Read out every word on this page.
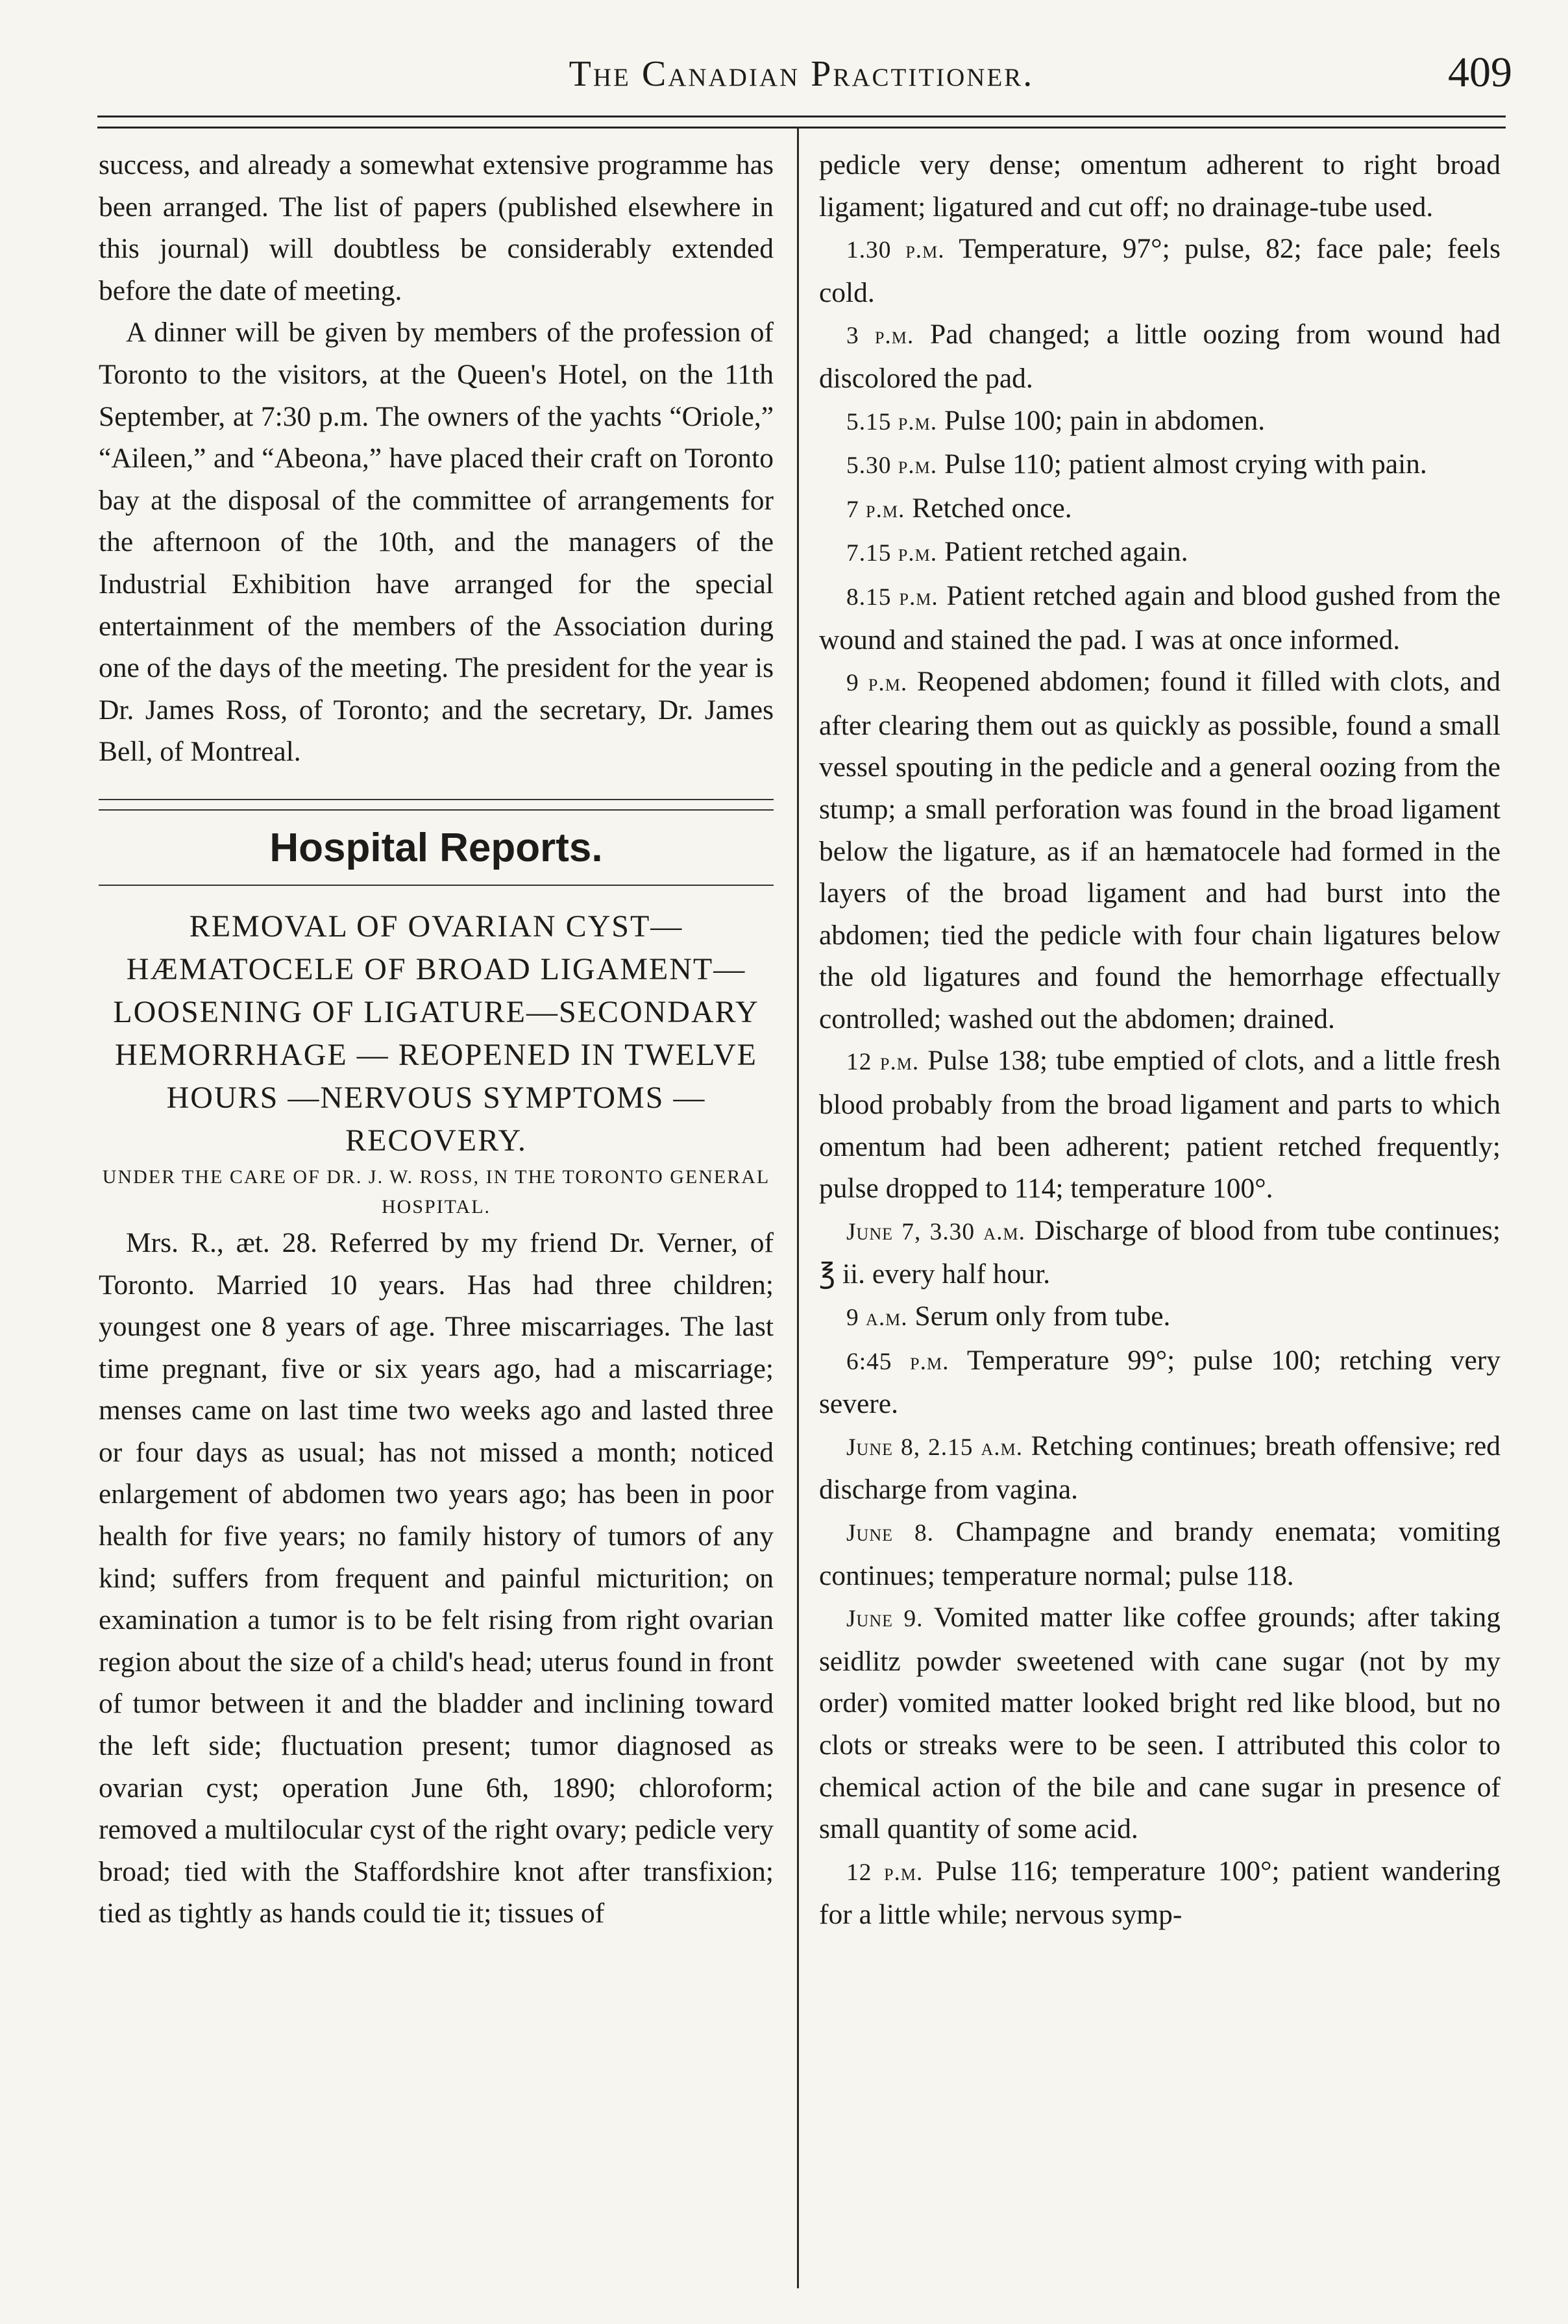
The Canadian Practitioner.	409

success, and already a somewhat extensive programme has been arranged. The list of papers (published elsewhere in this journal) will doubtless be considerably extended before the date of meeting.

A dinner will be given by members of the profession of Toronto to the visitors, at the Queen's Hotel, on the 11th September, at 7:30 p.m. The owners of the yachts “Oriole,” “Aileen,” and “Abeona,” have placed their craft on Toronto bay at the disposal of the committee of arrangements for the afternoon of the 10th, and the managers of the Industrial Exhibition have arranged for the special entertainment of the members of the Association during one of the days of the meeting. The president for the year is Dr. James Ross, of Toronto; and the secretary, Dr. James Bell, of Montreal.

Hospital Reports.

REMOVAL OF OVARIAN CYST—HÆMATOCELE OF BROAD LIGAMENT—LOOSENING OF LIGATURE—SECONDARY HEMORRHAGE — REOPENED IN TWELVE HOURS —NERVOUS SYMPTOMS —RECOVERY.

UNDER THE CARE OF DR. J. W. ROSS, IN THE TORONTO GENERAL HOSPITAL.

Mrs. R., æt. 28. Referred by my friend Dr. Verner, of Toronto. Married 10 years. Has had three children; youngest one 8 years of age. Three miscarriages. The last time pregnant, five or six years ago, had a miscarriage; menses came on last time two weeks ago and lasted three or four days as usual; has not missed a month; noticed enlargement of abdomen two years ago; has been in poor health for five years; no family history of tumors of any kind; suffers from frequent and painful micturition; on examination a tumor is to be felt rising from right ovarian region about the size of a child's head; uterus found in front of tumor between it and the bladder and inclining toward the left side; fluctuation present; tumor diagnosed as ovarian cyst; operation June 6th, 1890; chloroform; removed a multilocular cyst of the right ovary; pedicle very broad; tied with the Staffordshire knot after transfixion; tied as tightly as hands could tie it; tissues of

pedicle very dense; omentum adherent to right broad ligament; ligatured and cut off; no drainage-tube used.

1.30 p.m. Temperature, 97°; pulse, 82; face pale; feels cold.

3 p.m. Pad changed; a little oozing from wound had discolored the pad.

5.15 p.m. Pulse 100; pain in abdomen.

5.30 p.m. Pulse 110; patient almost crying with pain.

7 p.m. Retched once.

7.15 p.m. Patient retched again.

8.15 p.m. Patient retched again and blood gushed from the wound and stained the pad. I was at once informed.

9 p.m. Reopened abdomen; found it filled with clots, and after clearing them out as quickly as possible, found a small vessel spouting in the pedicle and a general oozing from the stump; a small perforation was found in the broad ligament below the ligature, as if an hæmatocele had formed in the layers of the broad ligament and had burst into the abdomen; tied the pedicle with four chain ligatures below the old ligatures and found the hemorrhage effectually controlled; washed out the abdomen; drained.

12 p.m. Pulse 138; tube emptied of clots, and a little fresh blood probably from the broad ligament and parts to which omentum had been adherent; patient retched frequently; pulse dropped to 114; temperature 100°.

June 7, 3.30 a.m. Discharge of blood from tube continues; ℥ ii. every half hour.

9 a.m. Serum only from tube.

6:45 p.m. Temperature 99°; pulse 100; retching very severe.

June 8, 2.15 a.m. Retching continues; breath offensive; red discharge from vagina.

June 8. Champagne and brandy enemata; vomiting continues; temperature normal; pulse 118.

June 9. Vomited matter like coffee grounds; after taking seidlitz powder sweetened with cane sugar (not by my order) vomited matter looked bright red like blood, but no clots or streaks were to be seen. I attributed this color to chemical action of the bile and cane sugar in presence of small quantity of some acid.

12 p.m. Pulse 116; temperature 100°; patient wandering for a little while; nervous symp-
